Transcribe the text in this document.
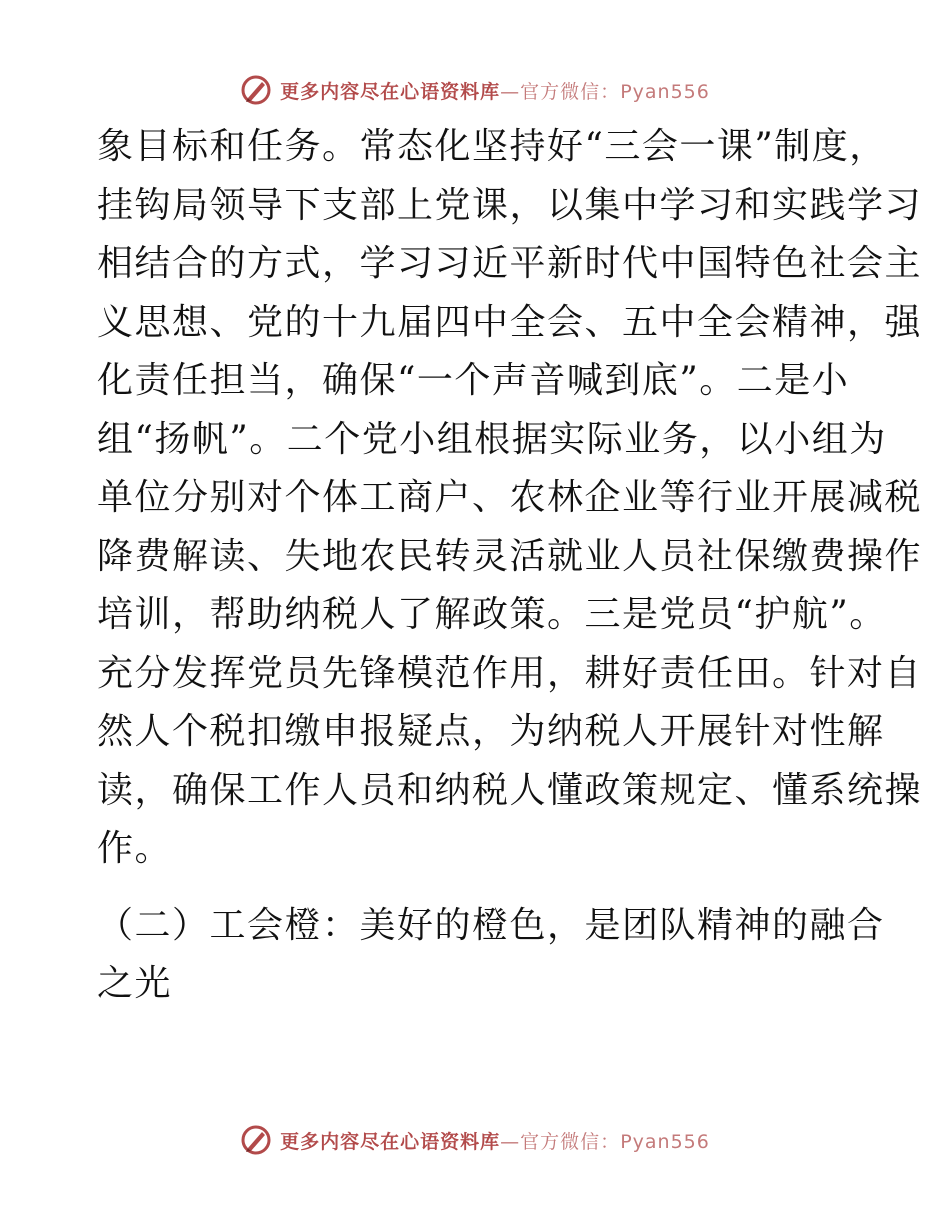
更多内容尽在心语资料库—官方微信：Pyan556

象目标和任务。常态化坚持好“三会一课”制度，
挂钩局领导下支部上党课，以集中学习和实践学习
相结合的方式，学习习近平新时代中国特色社会主
义思想、党的十九届四中全会、五中全会精神，强
化责任担当，确保“一个声音喊到底”。二是小
组“扬帆”。二个党小组根据实际业务，以小组为
单位分别对个体工商户、农林企业等行业开展减税
降费解读、失地农民转灵活就业人员社保缴费操作
培训，帮助纳税人了解政策。三是党员“护航”。
充分发挥党员先锋模范作用，耕好责任田。针对自
然人个税扣缴申报疑点，为纳税人开展针对性解
读，确保工作人员和纳税人懂政策规定、懂系统操
作。

（二）工会橙：美好的橙色，是团队精神的融合
之光

更多内容尽在心语资料库—官方微信：Pyan556
